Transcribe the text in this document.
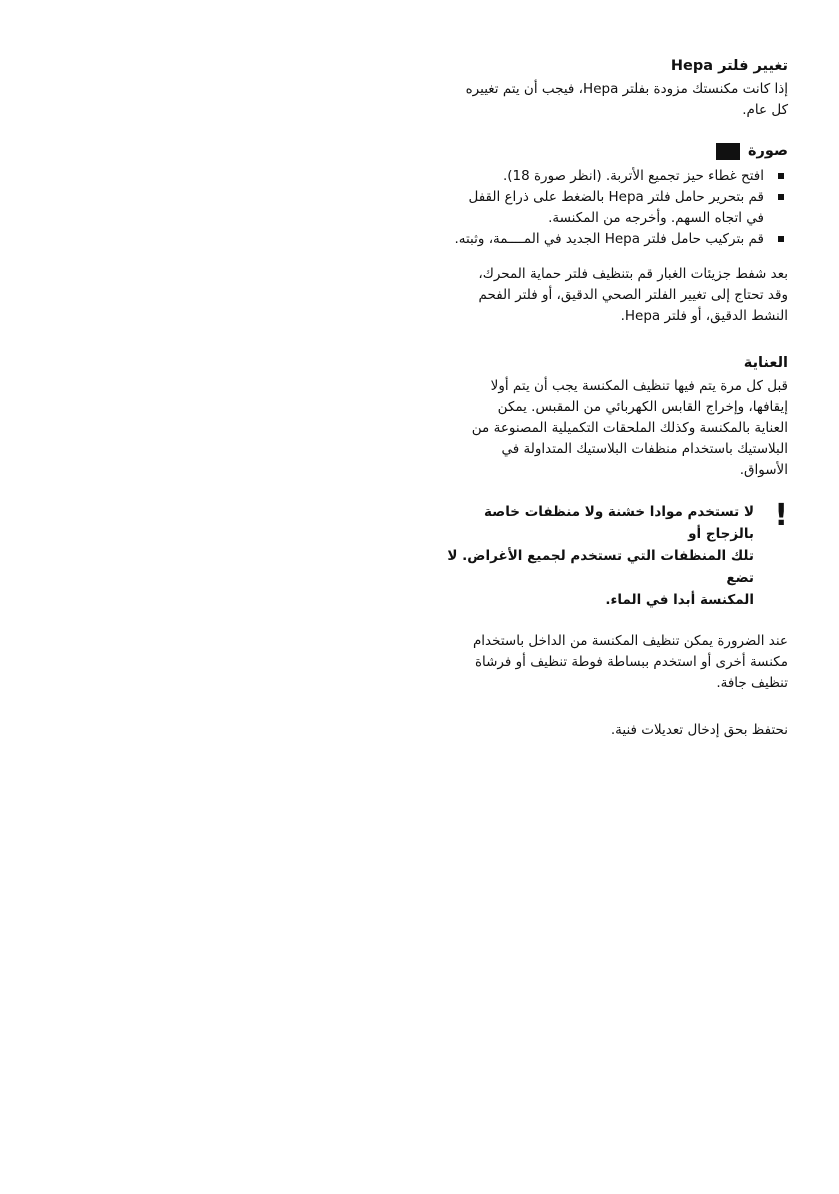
تغيير فلتر Hepa
إذا كانت مكنستك مزودة بفلتر Hepa، فيجب أن يتم تغييره
كل عام.
صورة
افتح غطاء حيز تجميع الأتربة. (انظر صورة 18).
قم بتحرير حامل فلتر Hepa بالضغط على ذراع القفل
في اتجاه السهم. وأخرجه من المكنسة.
قم بتركيب حامل فلتر Hepa الجديد في المــــمة، وثبته.
بعد شفط جزيئات الغبار قم بتنظيف فلتر حماية المحرك،
وقد تحتاج إلى تغيير الفلتر الصحي الدقيق، أو فلتر الفحم
النشط الدقيق، أو فلتر Hepa.
العناية
قبل كل مرة يتم فيها تنظيف المكنسة يجب أن يتم أولا
إيقافها، وإخراج القابس الكهربائي من المقبس. يمكن
العناية بالمكنسة وكذلك الملحقات التكميلية المصنوعة من
البلاستيك باستخدام منظفات البلاستيك المتداولة في
الأسواق.
!
لا تستخدم موادا خشنة ولا منظفات خاصة بالزجاج أو
تلك المنظفات التي تستخدم لجميع الأغراض. لا تضع
المكنسة أبدا في الماء.
عند الضرورة يمكن تنظيف المكنسة من الداخل باستخدام
مكنسة أخرى أو استخدم ببساطة فوطة تنظيف أو فرشاة
تنظيف جافة.
نحتفظ بحق إدخال تعديلات فنية.
